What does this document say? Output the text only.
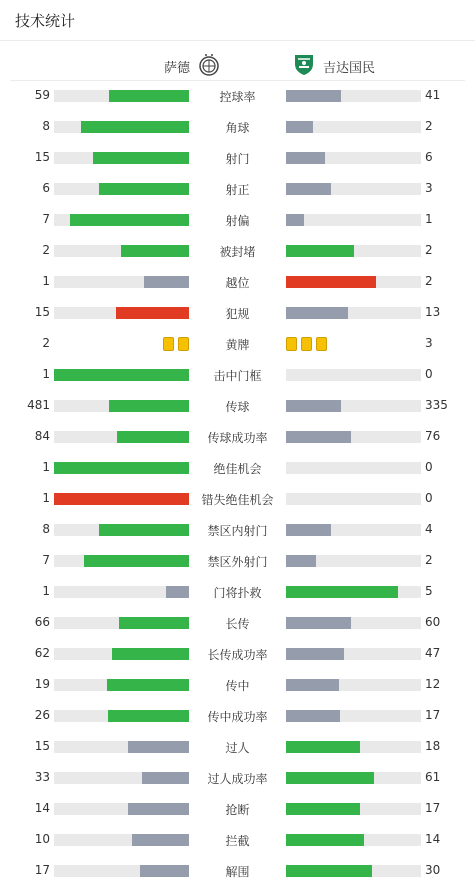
技术统计
萨德	吉达国民
59	控球率	41
8	角球	2
15	射门	6
6	射正	3
7	射偏	1
2	被封堵	2
1	越位	2
15	犯规	13
2	黄牌	3
1	击中门框	0
481	传球	335
84	传球成功率	76
1	绝佳机会	0
1	错失绝佳机会	0
8	禁区内射门	4
7	禁区外射门	2
1	门将扑救	5
66	长传	60
62	长传成功率	47
19	传中	12
26	传中成功率	17
15	过人	18
33	过人成功率	61
14	抢断	17
10	拦截	14
17	解围	30
